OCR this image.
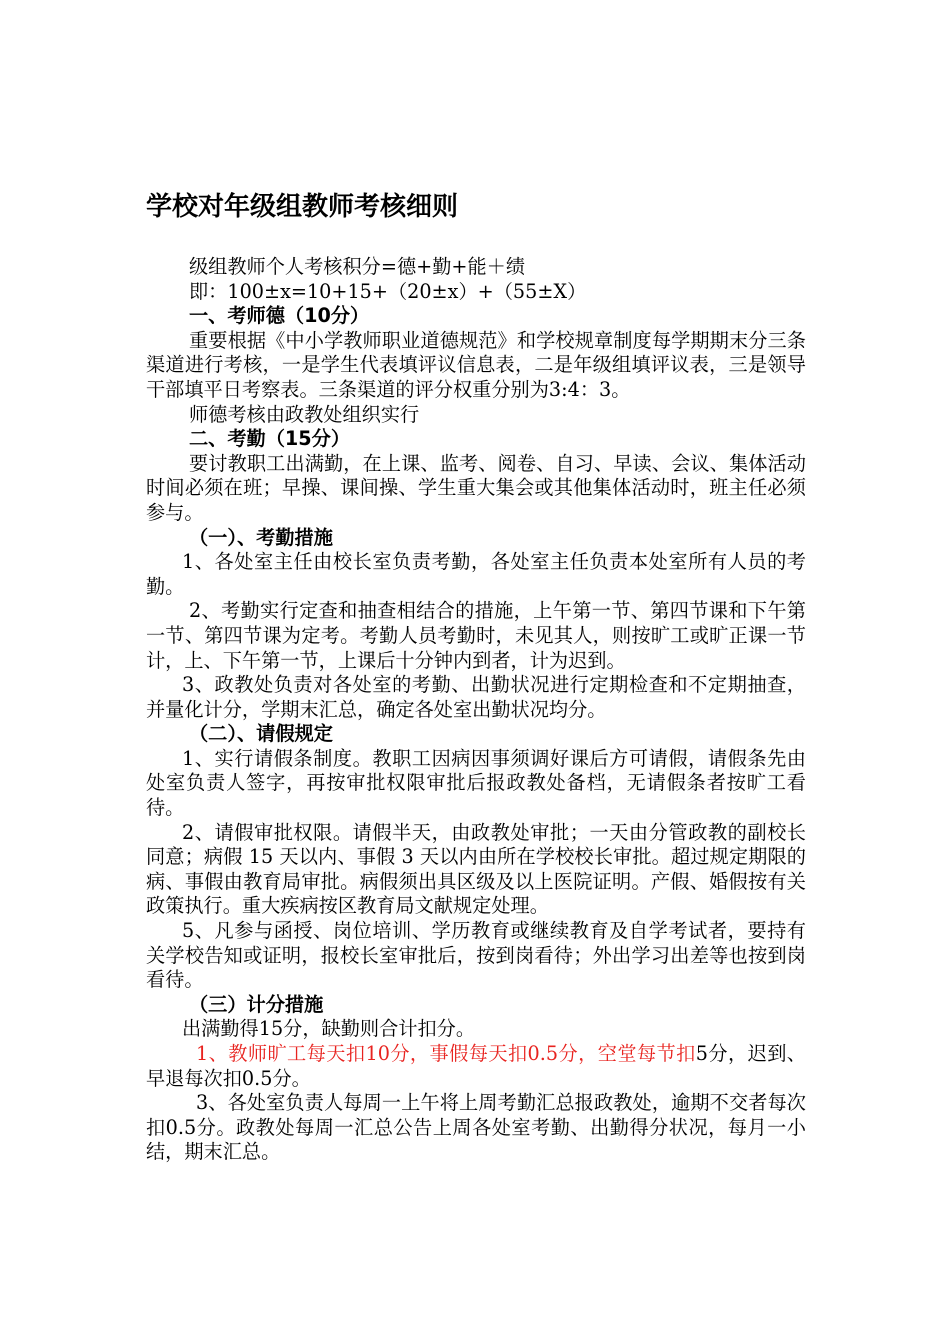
学校对年级组教师考核细则

级组教师个人考核积分=德+勤+能＋绩

即：100±x=10+15+（20±x）+（55±X）

一、考师德（10分）

重要根据《中小学教师职业道德规范》和学校规章制度每学期期末分三条渠道进行考核，一是学生代表填评议信息表，二是年级组填评议表，三是领导干部填平日考察表。三条渠道的评分权重分别为3:4：3。

师德考核由政教处组织实行

二、考勤（15分）

要讨教职工出满勤，在上课、监考、阅卷、自习、早读、会议、集体活动时间必须在班；早操、课间操、学生重大集会或其他集体活动时，班主任必须参与。

（一）、考勤措施

1、各处室主任由校长室负责考勤，各处室主任负责本处室所有人员的考勤。

2、考勤实行定查和抽查相结合的措施，上午第一节、第四节课和下午第一节、第四节课为定考。考勤人员考勤时，未见其人，则按旷工或旷正课一节计，上、下午第一节，上课后十分钟内到者，计为迟到。

3、政教处负责对各处室的考勤、出勤状况进行定期检查和不定期抽查，并量化计分，学期末汇总，确定各处室出勤状况均分。

（二）、请假规定

1、实行请假条制度。教职工因病因事须调好课后方可请假，请假条先由处室负责人签字，再按审批权限审批后报政教处备档，无请假条者按旷工看待。

2、请假审批权限。请假半天，由政教处审批；一天由分管政教的副校长同意；病假 15 天以内、事假 3 天以内由所在学校校长审批。超过规定期限的病、事假由教育局审批。病假须出具区级及以上医院证明。产假、婚假按有关政策执行。重大疾病按区教育局文献规定处理。

5、凡参与函授、岗位培训、学历教育或继续教育及自学考试者，要持有关学校告知或证明，报校长室审批后，按到岗看待；外出学习出差等也按到岗看待。

（三）计分措施

出满勤得15分，缺勤则合计扣分。

1、教师旷工每天扣10分，事假每天扣0.5分，空堂每节扣5分，迟到、早退每次扣0.5分。

3、各处室负责人每周一上午将上周考勤汇总报政教处，逾期不交者每次扣0.5分。政教处每周一汇总公告上周各处室考勤、出勤得分状况，每月一小结，期末汇总。
